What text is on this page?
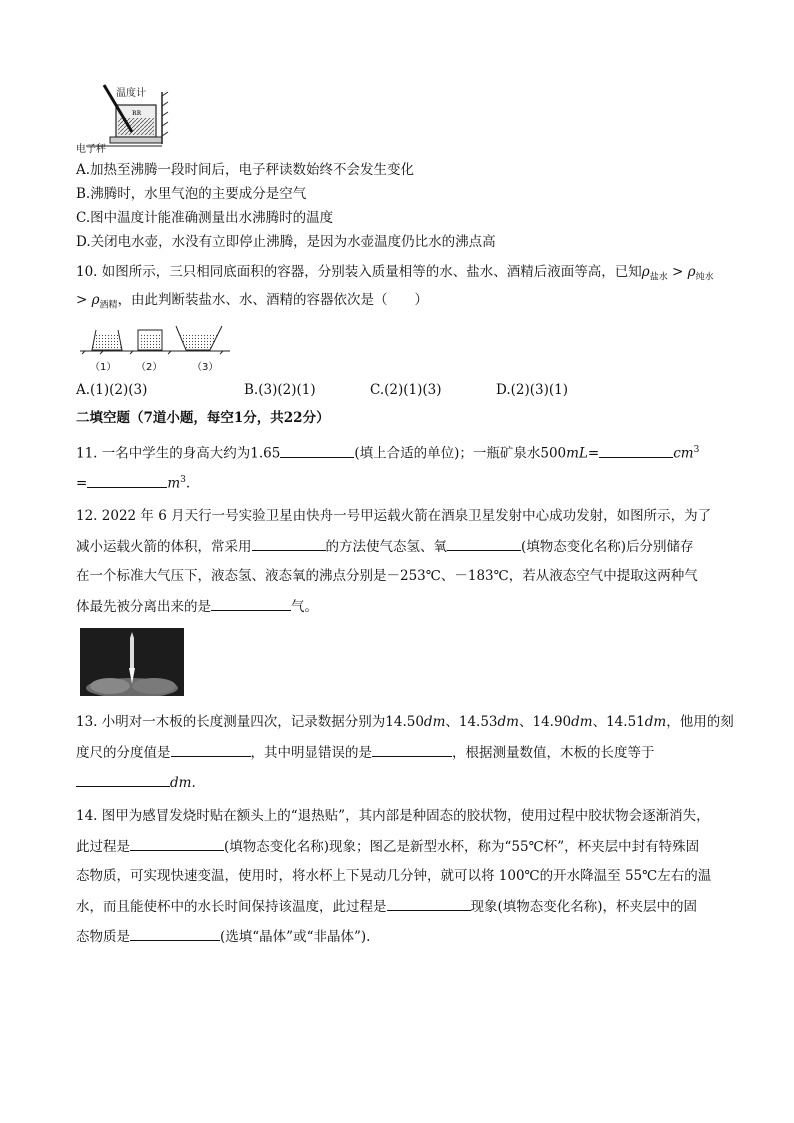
ʀʀ
温度计
电子秤
A.加热至沸腾一段时间后，电子秤读数始终不会发生变化
B.沸腾时，水里气泡的主要成分是空气
C.图中温度计能准确测量出水沸腾时的温度
D.关闭电水壶，水没有立即停止沸腾，是因为水壶温度仍比水的沸点高
10. 如图所示，三只相同底面积的容器，分别装入质量相等的水、盐水、酒精后液面等高，已知$\rho_{盐水} > \rho_{纯水}$
> $\rho_{酒精}$，由此判断装盐水、水、酒精的容器依次是（　　）
（1） （2）	（3）
A.(1)(2)(3)	B.(3)(2)(1)	C.(2)(1)(3)	D.(2)(3)(1)
二填空题（7道小题，每空1分，共22分）
11. 一名中学生的身高大约为1.65	(填上合适的单位)；一瓶矿泉水500mL=	$cm^3$
=	$m^3$.
12. 2022 年 6 月天行一号实验卫星由快舟一号甲运载火箭在酒泉卫星发射中心成功发射，如图所示，为了
减小运载火箭的体积，常采用	的方法使气态氢、氧	(填物态变化名称)后分别储存
在一个标准大气压下，液态氢、液态氧的沸点分别是－253℃、－183℃，若从液态空气中提取这两种气
体最先被分离出来的是	气。
13. 小明对一木板的长度测量四次，记录数据分别为14.50dm、14.53dm、14.90dm、14.51dm，他用的刻
度尺的分度值是	，其中明显错误的是	，根据测量数值，木板的长度等于
dm.
14. 图甲为感冒发烧时贴在额头上的“退热贴”，其内部是种固态的胶状物，使用过程中胶状物会逐渐消失，
此过程是	(填物态变化名称)现象；图乙是新型水杯，称为“55℃杯”，杯夹层中封有特殊固
态物质，可实现快速变温，使用时，将水杯上下晃动几分钟，就可以将 100℃的开水降温至 55℃左右的温
水，而且能使杯中的水长时间保持该温度，此过程是	现象(填物态变化名称)，杯夹层中的固
态物质是	(选填“晶体”或“非晶体”).
